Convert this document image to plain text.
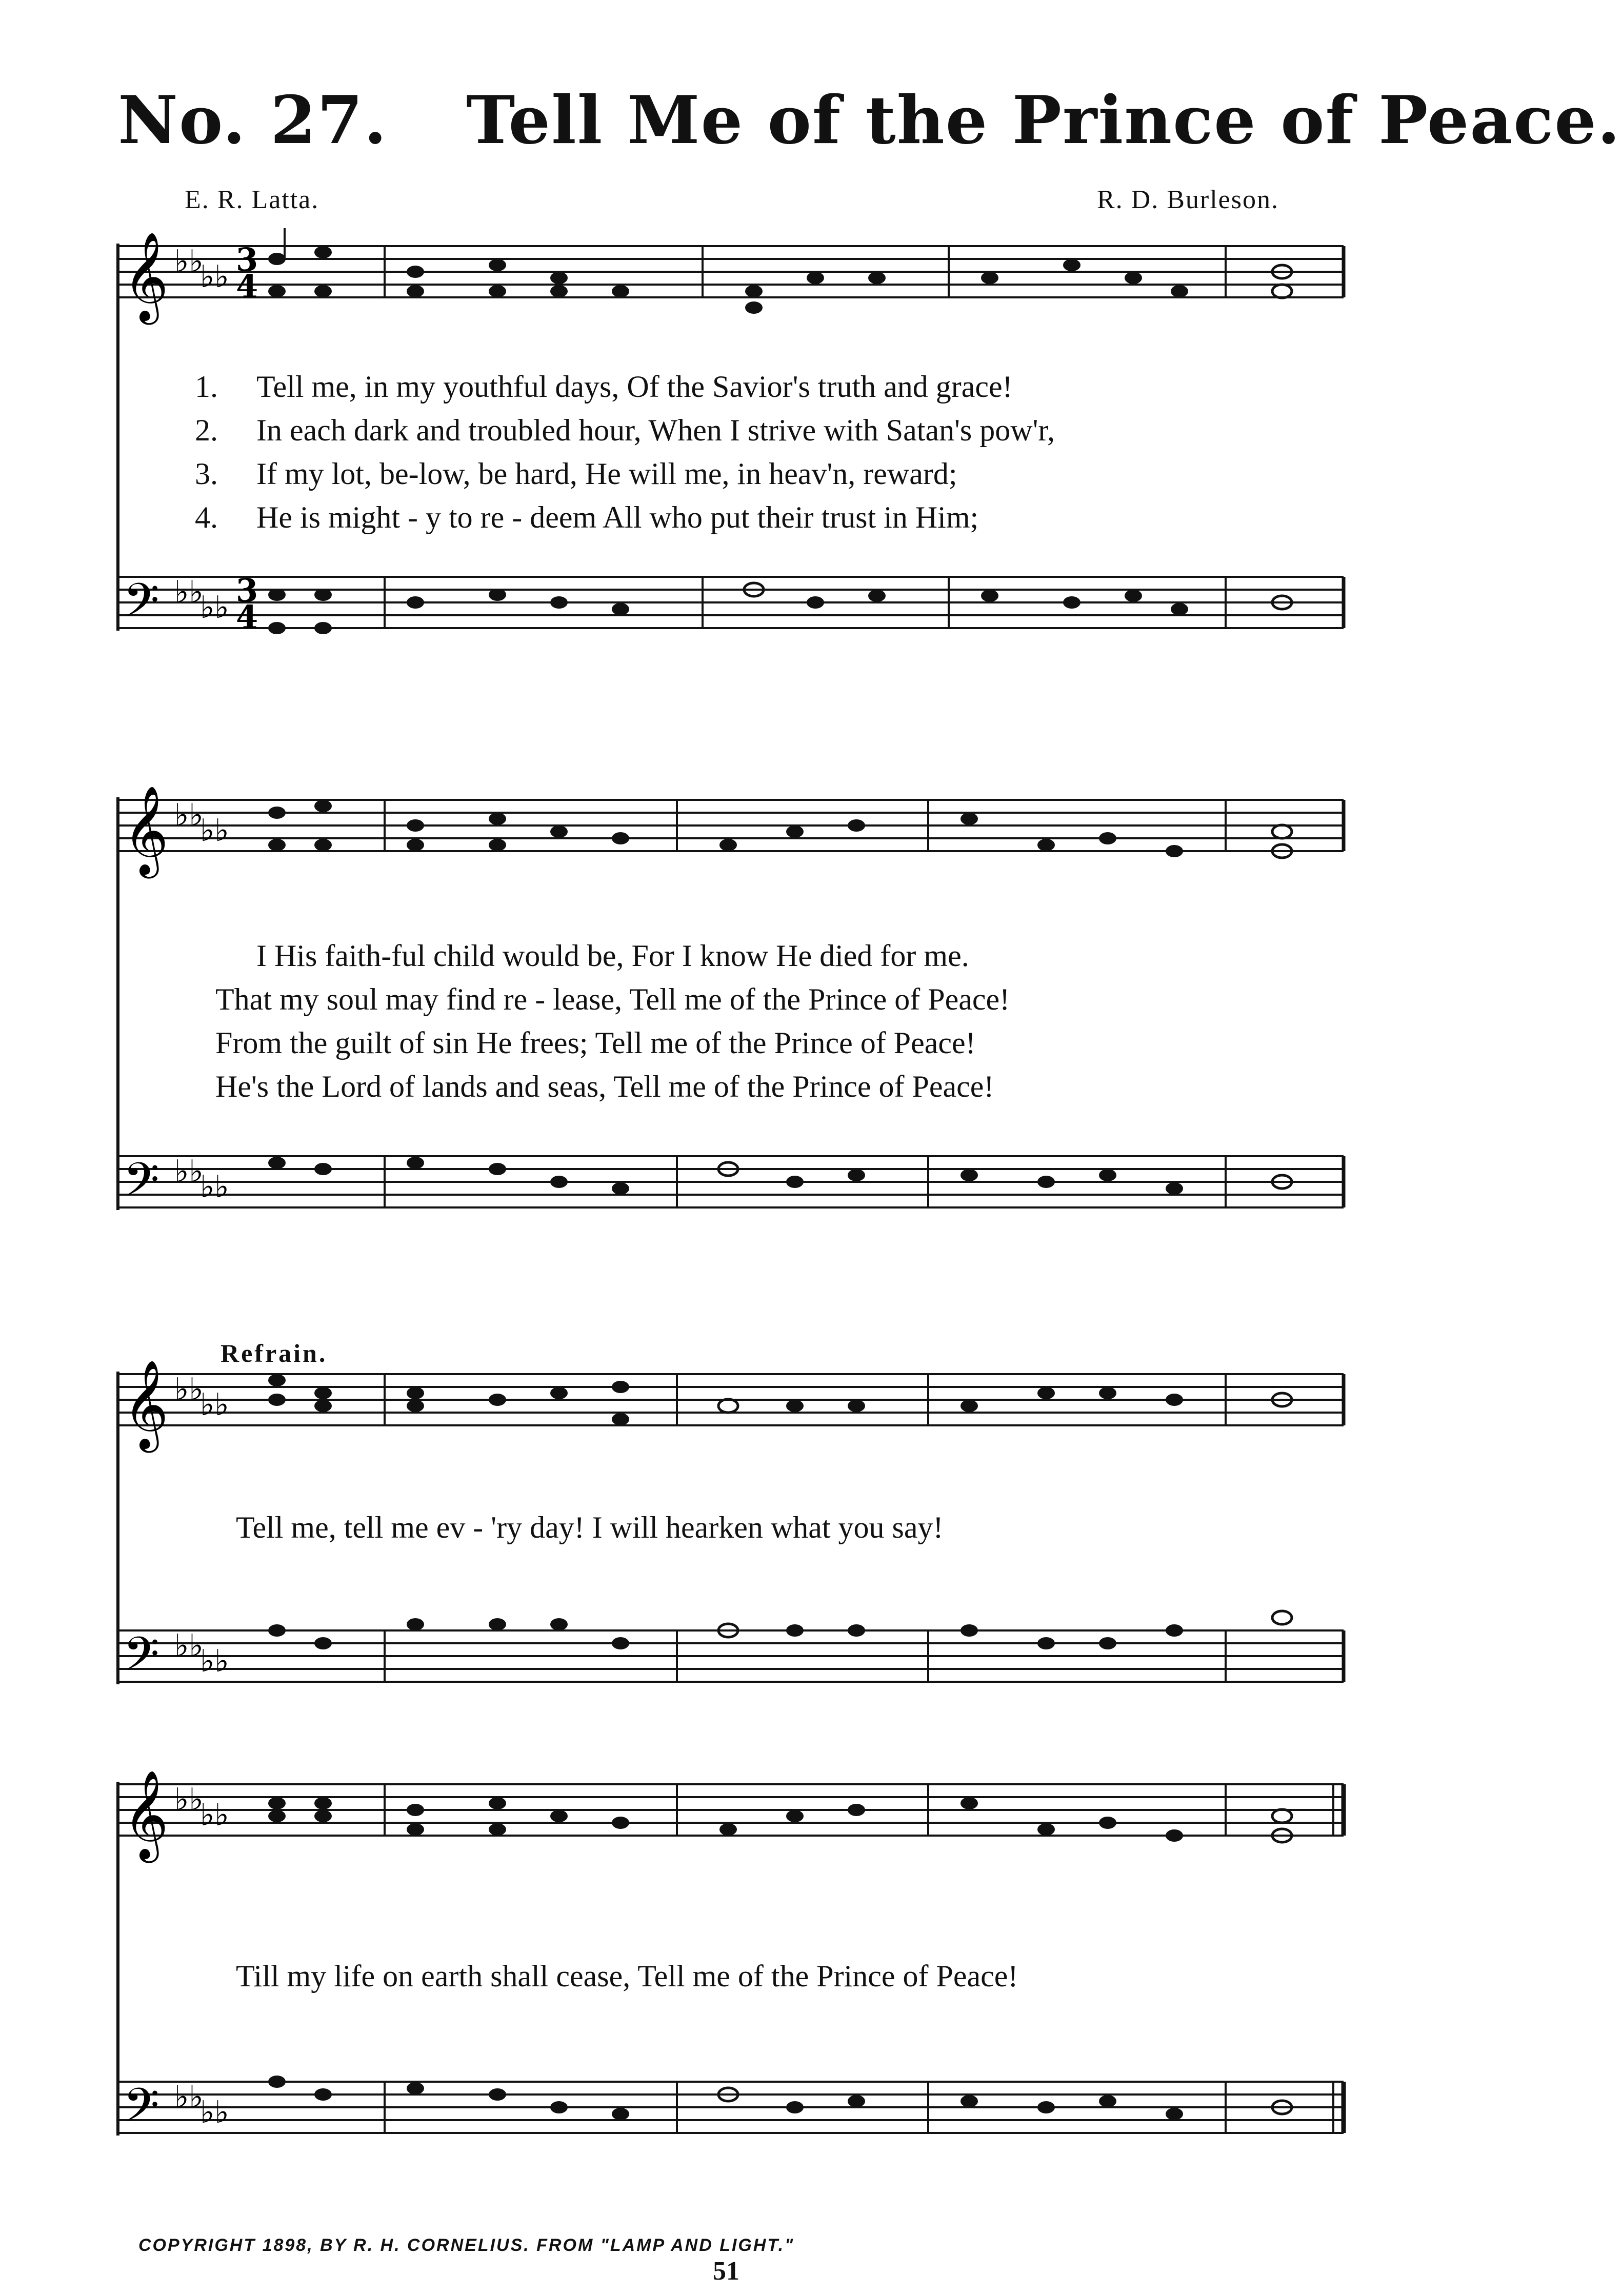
No. 27. Tell Me of the Prince of Peace.
E. R. Latta.	R. D. Burleson.
𝄞
𝄢
♭♭
♭♭
♭♭
♭♭
3
4
3
4
1. Tell me, in my youthful days, Of the Savior's truth and grace!
2. In each dark and troubled hour, When I strive with Satan's pow'r,
3. If my lot, be-low, be hard, He will me, in heav'n, reward;
4. He is might - y to re - deem All who put their trust in Him;
𝄞
𝄢
♭♭
♭♭
♭♭
♭♭
I His faith-ful child would be, For I know He died for me.
That my soul may find re - lease, Tell me of the Prince of Peace!
From the guilt of sin He frees; Tell me of the Prince of Peace!
He's the Lord of lands and seas, Tell me of the Prince of Peace!
Refrain.
𝄞
𝄢
♭♭
♭♭
♭♭
♭♭
Tell me, tell me ev - 'ry day! I will hearken what you say!
𝄞
𝄢
♭♭
♭♭
♭♭
♭♭
Till my life on earth shall cease, Tell me of the Prince of Peace!
COPYRIGHT 1898, BY R. H. CORNELIUS. FROM "LAMP AND LIGHT."
51
